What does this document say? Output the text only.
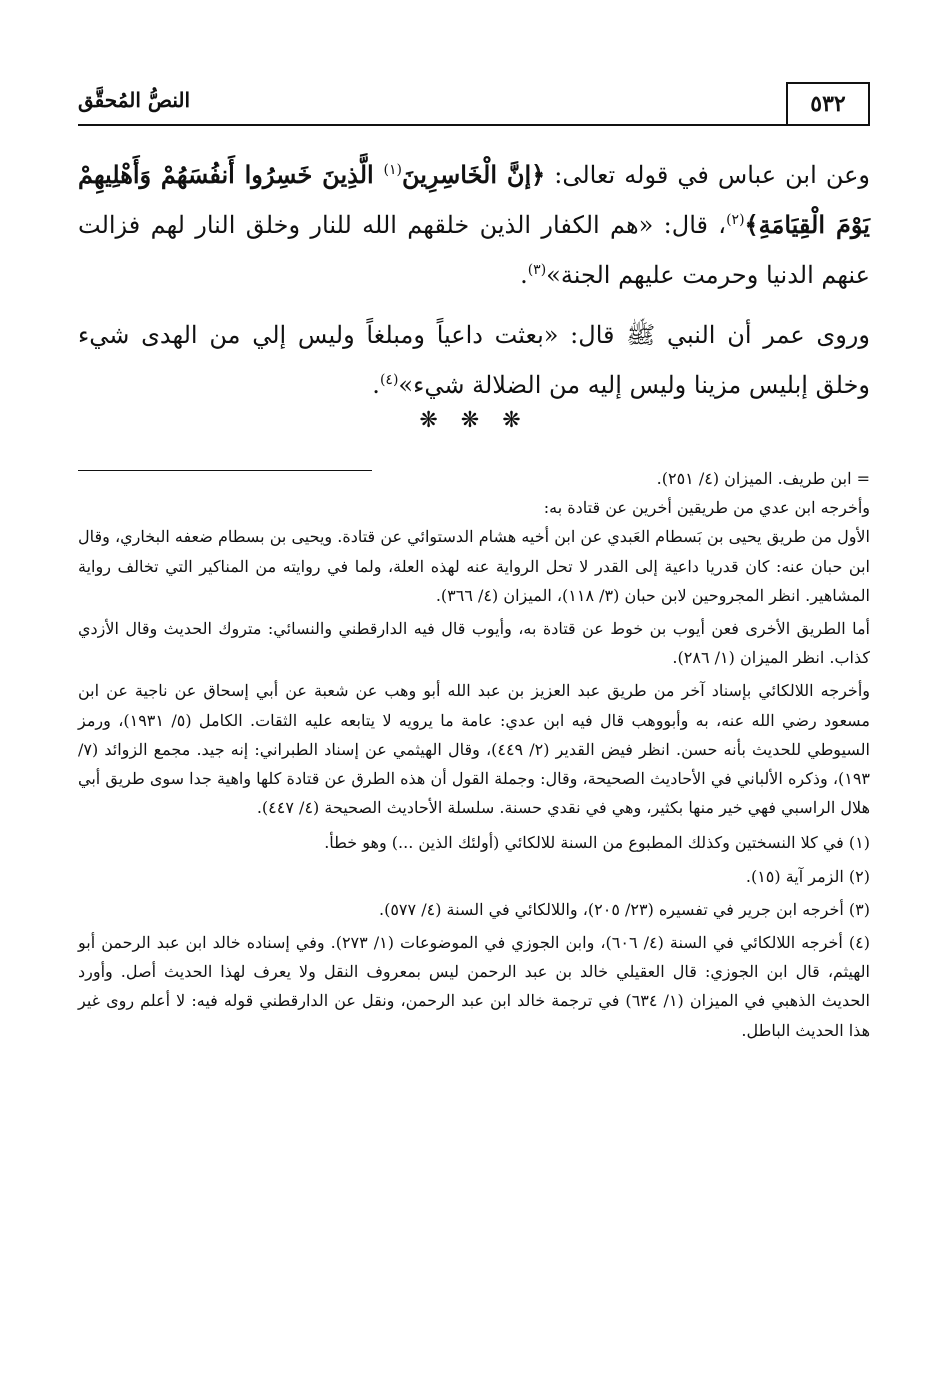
٥٣٢
النصُّ المُحقَّق

وعن ابن عباس في قوله تعالى: ﴿إنَّ الْخَاسِرِينَ$^{(١)}$ الَّذِينَ خَسِرُوا أَنفُسَهُمْ وَأَهْلِيهِمْ يَوْمَ الْقِيَامَةِ﴾$^{(٢)}$، قال: «هم الكفار الذين خلقهم الله للنار وخلق النار لهم فزالت عنهم الدنيا وحرمت عليهم الجنة»$^{(٣)}$.

وروى عمر أن النبي ﷺ قال: «بعثت داعياً ومبلغاً وليس إلي من الهدى شيء وخلق إبليس مزينا وليس إليه من الضلالة شيء»$^{(٤)}$.

❋ ❋ ❋

= ابن طريف. الميزان (٤/ ٢٥١).

وأخرجه ابن عدي من طريقين أخرين عن قتادة به:

الأول من طريق يحيى بن بَسطام العَبدي عن ابن أخيه هشام الدستوائي عن قتادة. ويحيى بن بسطام ضعفه البخاري، وقال ابن حبان عنه: كان قدريا داعية إلى القدر لا تحل الرواية عنه لهذه العلة، ولما في روايته من المناكير التي تخالف رواية المشاهير. انظر المجروحين لابن حبان (٣/ ١١٨)، الميزان (٤/ ٣٦٦).

أما الطريق الأخرى فعن أيوب بن خوط عن قتادة به، وأيوب قال فيه الدارقطني والنسائي: متروك الحديث وقال الأزدي كذاب. انظر الميزان (١/ ٢٨٦).

وأخرجه اللالكائي بإسناد آخر من طريق عبد العزيز بن عبد الله أبو وهب عن شعبة عن أبي إسحاق عن ناجية عن ابن مسعود رضي الله عنه، به وأبووهب قال فيه ابن عدي: عامة ما يرويه لا يتابعه عليه الثقات. الكامل (٥/ ١٩٣١)، ورمز السيوطي للحديث بأنه حسن. انظر فيض القدير (٢/ ٤٤٩)، وقال الهيثمي عن إسناد الطبراني: إنه جيد. مجمع الزوائد (٧/ ١٩٣)، وذكره الألباني في الأحاديث الصحيحة، وقال: وجملة القول أن هذه الطرق عن قتادة كلها واهية جدا سوى طريق أبي هلال الراسبي فهي خير منها بكثير، وهي في نقدي حسنة. سلسلة الأحاديث الصحيحة (٤/ ٤٤٧).

(١) في كلا النسختين وكذلك المطبوع من السنة للالكائي (أولئك الذين ...) وهو خطأ.

(٢) الزمر آية (١٥).

(٣) أخرجه ابن جرير في تفسيره (٢٣/ ٢٠٥)، واللالكائي في السنة (٤/ ٥٧٧).

(٤) أخرجه اللالكائي في السنة (٤/ ٦٠٦)، وابن الجوزي في الموضوعات (١/ ٢٧٣). وفي إسناده خالد ابن عبد الرحمن أبو الهيثم، قال ابن الجوزي: قال العقيلي خالد بن عبد الرحمن ليس بمعروف النقل ولا يعرف لهذا الحديث أصل. وأورد الحديث الذهبي في الميزان (١/ ٦٣٤) في ترجمة خالد ابن عبد الرحمن، ونقل عن الدارقطني قوله فيه: لا أعلم روى غير هذا الحديث الباطل.
